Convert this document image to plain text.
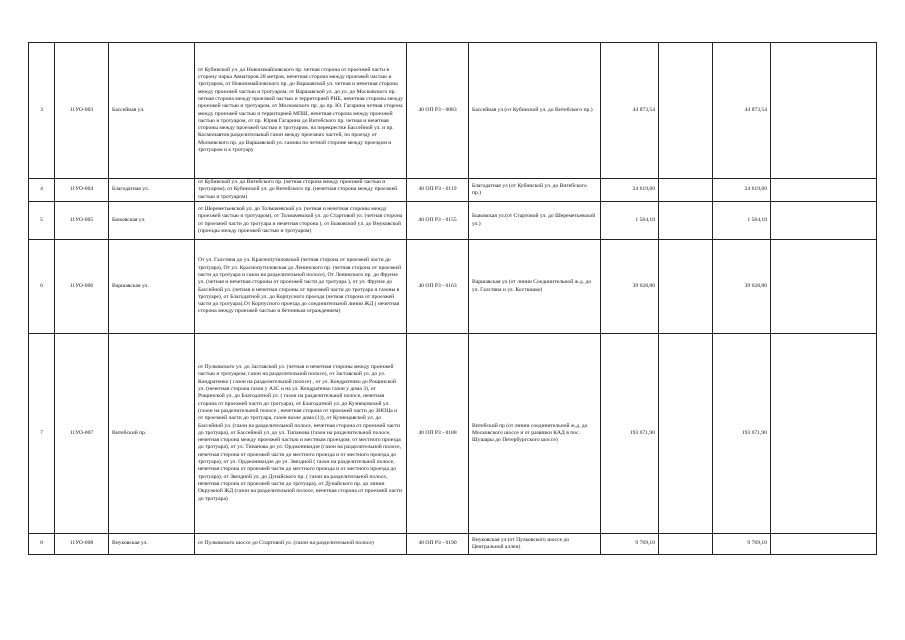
3	11УО-003	Бассейная ул.	от Кубинской ул. до Новоизмайловского пр. четная сторона от проезжей части в сторону парка Авиаторов 28 метров, нечетная сторона между проезжей частью и тротуаром, от Новоизмайловского пр. до Варшавской ул. четная и нечетная сторона между проезжей частью и тротуаром, от Варшавской ул. до ул. до Московского пр. четная сторона между проезжей частью и территорией РНБ, нечетная стороны между проезжей частью и тротуаром, от Московского пр. до пр. Ю. Гагарина четная сторона между проезжей частью и территорией МПШ, нечетная сторона между проезжей частью и тротуаром, от пр. Юрия Гагарина до Витебского пр. четная и нечетная стороны между проезжей частью и тротуаром, на перекрестке Бассейной ул. и пр. Космонавтов разделительный газон между проезжих частей, по проезду от Московского пр. до Варшавской ул. газоны по четной стороне между проездом и тротуаром и к тротуару	40 ОП РЗ - 0083	Бассейная ул (от Кубинской ул. до Витебского пр.)	44 873,54		44 873,54	
4	11УО-004	Благодатная ул.	от Кубинской ул. до Витебского пр. (четная сторона между проезжей частью и тротуаром), от Кубинской ул. до Витебского пр. (нечетная сторона между проезжей частью и тротуаром)	40 ОП РЗ - 0119	Благодатная ул (от Кубинской ул. до Витебского пр.)	24 619,60		24 619,60	
5	11УО-005	Бюковская ул.	от Шереметьевской ул. до Толмачевской ул. (четная и нечетная стороны между проезжей частью и тротуаром), от Толмачевской ул. до Стартовой ул. (четная сторона от проезжей части до тротуара и нечетная сторона ), от Быковской ул. до Внуковской (проезды между проезжей частью и тротуаром)	40 ОП РЗ - 0155	Быковская ул.(от Стартовой ул. до Шереметьевской ул.)	1 564,10		1 564,10	
6	11УО-006	Варшавская ул.	От ул. Галстяна до ул. Краснопутиловской (четная сторона от проезжей части до тротуара), От ул. Краснопутиловская до Ленинского пр. (четная сторона от проезжей части до тротуара и газон на разделительной полосе), От Ленинского пр. до Фрунзе ул. (четная и нечетная стороны от проезжей части до тротуара ), от ул. Фрунзе до Бассейной ул. (четная и нечетная стороны от проезжей части до тротуара и газоны в тротуаре), от Благодатной ул. до Корпусного проезда (четная сторона от проезжей части до тротуара),От Корпусного проезда до соединительной линии ЖД ( нечетная сторона между проезжей частью и бетонным ограждением)	40 ОП РЗ - 0163	Варшавская ул (от линии Соединительной ж.д. до ул. Галстяна и ул. Костюшко)	39 628,80		39 628,80	
7	11УО-007	Витебский пр.	от Пулковского ул. до Заставской ул. (четная и нечетная стороны между проезжей частью и тротуаром, газон на разделительной полосе), от Заставской ул. до ул. Кондратенко ( газон на разделительной полосе) , от ул. Кондратенко до Рощинской ул. (нечетная сторона газон у АЗС и на ул. Кондратенко газон у дома 3), от Рощинской ул. до Благодатной ул. ( газон на разделительной полосе, нечетная сторона от проезжей части до тротуара), от Благодатной ул. до Кузнецовской ул. (газон на разделительной полосе , нечетная сторона от проезжей части до ЗНОЦа и от проезжей части до тротуара, газон возле дома (1)), от Кузнецовской ул. до Бассейной ул. (газон на разделительной полосе, нечетная сторона от проезжей части до тротуара), от Бассейной ул. до ул. Типанова (газон на разделительной полосе, нечетная сторона между проезжей частью и местным проездом, от местного проезда до тротуара), от ул. Типанова до ул. Орджоникидзе (газон на разделительной полосе, нечетная сторона от проезжей части до местного проезда и от местного проезда до тротуара), от ул. Орджоникидзе до ул. Звездной ( газон на разделительной полосе, нечетная сторона от проезжей части до местного проезда и от местного проезда до тротуара), от Звездной ул. до Дунайского пр. ( газон на разделительной полосе, нечетная сторона от проезжей части до тротуара), от Дунайского пр. до линии Окружной ЖД (газон на разделительной полосе, нечетная сторона от проезжей части до тротуара)	40 ОП РЗ - 0188	Витебский пр (от линии соединительной ж.д. до Московского шоссе и от развязки КАД в пос. Шушары до Петербургского шоссе)	193 671,90		193 671,90	
8	11УО-008	Внуковская ул.	от Пулковского шоссе до Стартовой ул. (газон на разделительной полосе)	40 ОП РЗ - 0190	Внуковская ул (от Пулковского шоссе до Центральной аллеи)	9 769,10		9 769,10	
